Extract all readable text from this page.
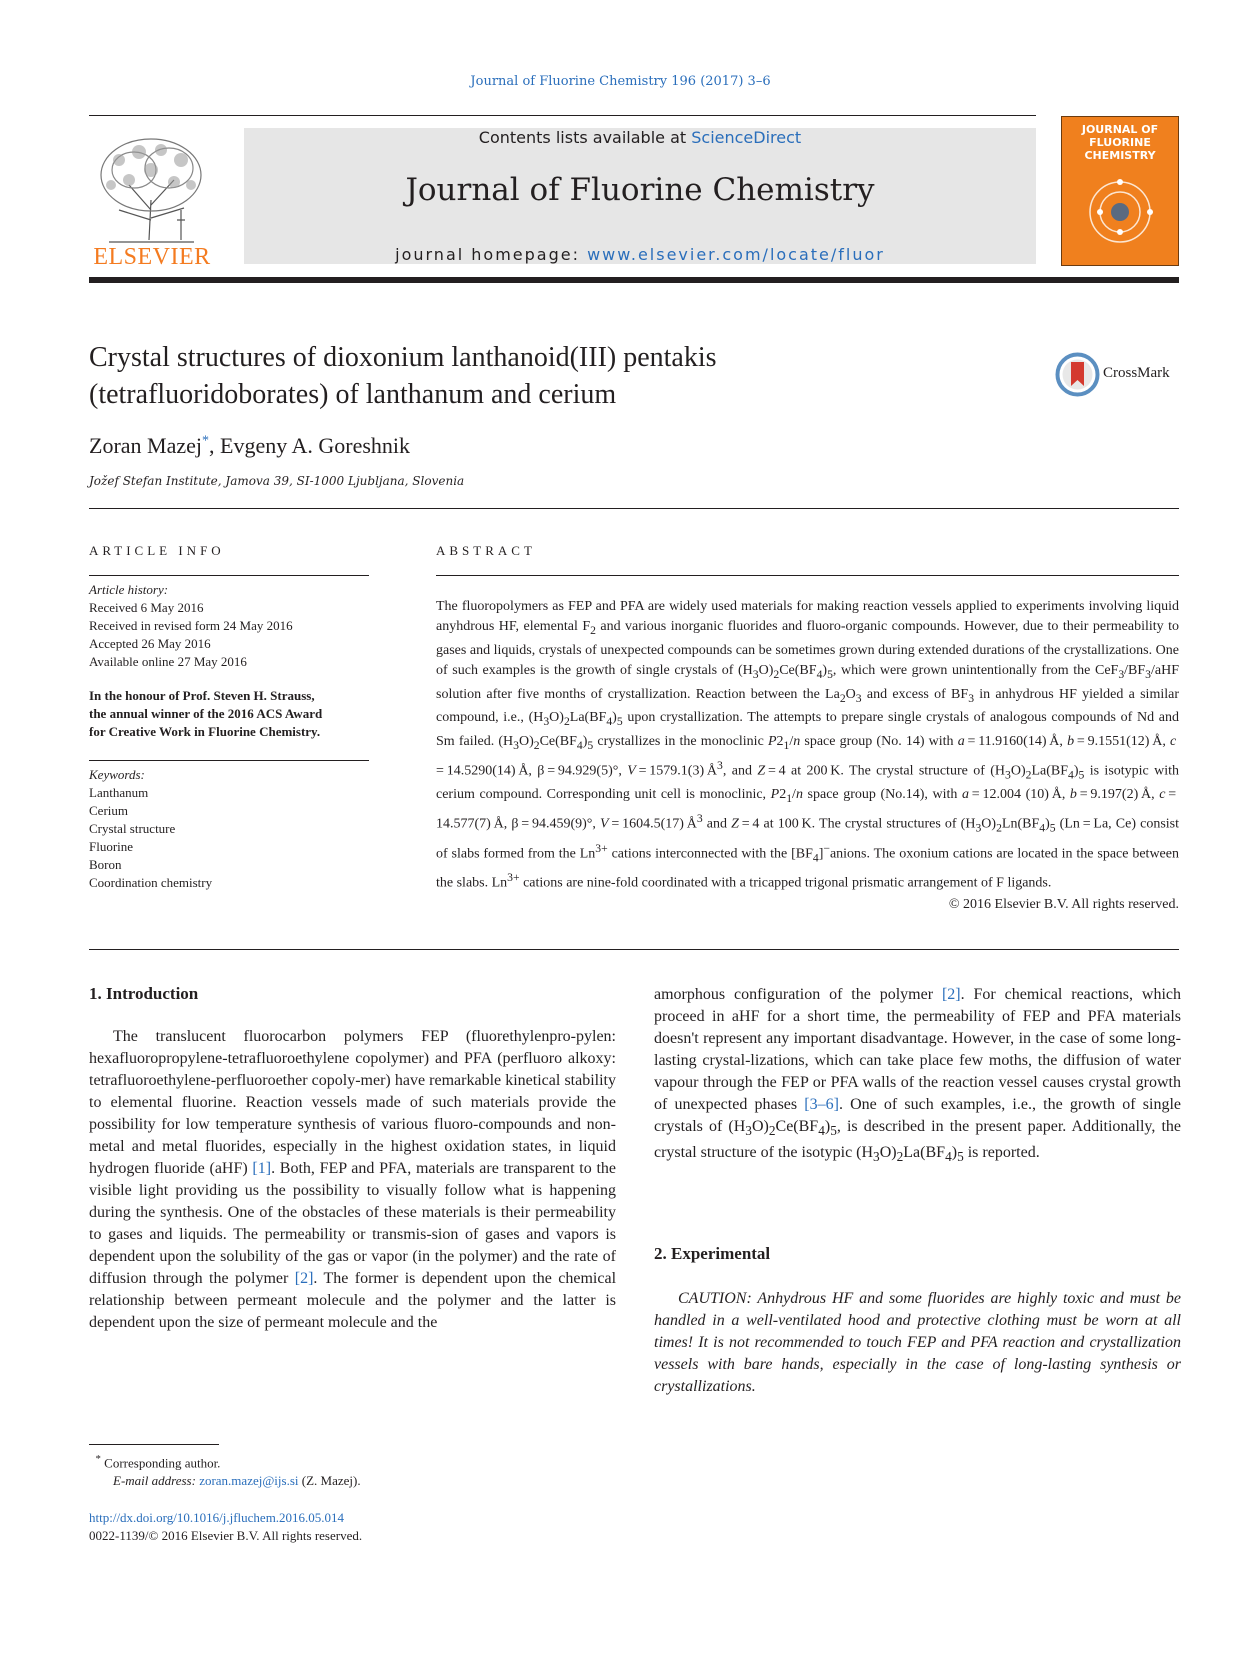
Journal of Fluorine Chemistry 196 (2017) 3–6
ELSEVIER
Contents lists available at ScienceDirect
Journal of Fluorine Chemistry
journal homepage: www.elsevier.com/locate/fluor
JOURNAL OF
FLUORINE
CHEMISTRY
Crystal structures of dioxonium lanthanoid(III) pentakis
(tetrafluoridoborates) of lanthanum and cerium
CrossMark
Zoran Mazej*, Evgeny A. Goreshnik
Jožef Stefan Institute, Jamova 39, SI-1000 Ljubljana, Slovenia
ARTICLE INFO
Article history:
Received 6 May 2016
Received in revised form 24 May 2016
Accepted 26 May 2016
Available online 27 May 2016
In the honour of Prof. Steven H. Strauss,
the annual winner of the 2016 ACS Award
for Creative Work in Fluorine Chemistry.
Keywords:
Lanthanum
Cerium
Crystal structure
Fluorine
Boron
Coordination chemistry
ABSTRACT
The fluoropolymers as FEP and PFA are widely used materials for making reaction vessels applied to experiments involving liquid anyhdrous HF, elemental $F_2$ and various inorganic fluorides and fluoro-organic compounds. However, due to their permeability to gases and liquids, crystals of unexpected compounds can be sometimes grown during extended durations of the crystallizations. One of such examples is the growth of single crystals of $(H_3O)_2Ce(BF_4)_5$, which were grown unintentionally from the $CeF_3/BF_3$/aHF solution after five months of crystallization. Reaction between the $La_2O_3$ and excess of $BF_3$ in anhydrous HF yielded a similar compound, i.e., $(H_3O)_2La(BF_4)_5$ upon crystallization. The attempts to prepare single crystals of analogous compounds of Nd and Sm failed. $(H_3O)_2Ce(BF_4)_5$ crystallizes in the monoclinic $P2_1/n$ space group (No. 14) with a = 11.9160(14) Å, b = 9.1551(12) Å, c = 14.5290(14) Å, β = 94.929(5)°, V = 1579.1(3) $Å^3$, and Z = 4 at 200 K. The crystal structure of $(H_3O)_2La(BF_4)_5$ is isotypic with cerium compound. Corresponding unit cell is monoclinic, $P2_1/n$ space group (No.14), with a = 12.004 (10) Å, b = 9.197(2) Å, c = 14.577(7) Å, β = 94.459(9)°, V = 1604.5(17) $Å^3$ and Z = 4 at 100 K. The crystal structures of $(H_3O)_2Ln(BF_4)_5$ (Ln = La, Ce) consist of slabs formed from the $Ln^{3+}$ cations interconnected with the $[BF_4]^-anions$. The oxonium cations are located in the space between the slabs. $Ln^{3+}$ cations are nine-fold coordinated with a tricapped trigonal prismatic arrangement of F ligands.
© 2016 Elsevier B.V. All rights reserved.
1. Introduction
The translucent fluorocarbon polymers FEP (fluorethylenpro-pylen: hexafluoropropylene-tetrafluoroethylene copolymer) and PFA (perfluoro alkoxy: tetrafluoroethylene-perfluoroether copoly-mer) have remarkable kinetical stability to elemental fluorine. Reaction vessels made of such materials provide the possibility for low temperature synthesis of various fluoro-compounds and non-metal and metal fluorides, especially in the highest oxidation states, in liquid hydrogen fluoride (aHF) [1]. Both, FEP and PFA, materials are transparent to the visible light providing us the possibility to visually follow what is happening during the synthesis. One of the obstacles of these materials is their permeability to gases and liquids. The permeability or transmis-sion of gases and vapors is dependent upon the solubility of the gas or vapor (in the polymer) and the rate of diffusion through the polymer [2]. The former is dependent upon the chemical relationship between permeant molecule and the polymer and the latter is dependent upon the size of permeant molecule and the
amorphous configuration of the polymer [2]. For chemical reactions, which proceed in aHF for a short time, the permeability of FEP and PFA materials doesn't represent any important disadvantage. However, in the case of some long-lasting crystal-lizations, which can take place few moths, the diffusion of water vapour through the FEP or PFA walls of the reaction vessel causes crystal growth of unexpected phases [3–6]. One of such examples, i.e., the growth of single crystals of $(H_3O)_2Ce(BF_4)_5$, is described in the present paper. Additionally, the crystal structure of the isotypic $(H_3O)_2La(BF_4)_5$ is reported.
2. Experimental
CAUTION: Anhydrous HF and some fluorides are highly toxic and must be handled in a well-ventilated hood and protective clothing must be worn at all times! It is not recommended to touch FEP and PFA reaction and crystallization vessels with bare hands, especially in the case of long-lasting synthesis or crystallizations.
* Corresponding author.
E-mail address: zoran.mazej@ijs.si (Z. Mazej).
http://dx.doi.org/10.1016/j.jfluchem.2016.05.014
0022-1139/© 2016 Elsevier B.V. All rights reserved.
